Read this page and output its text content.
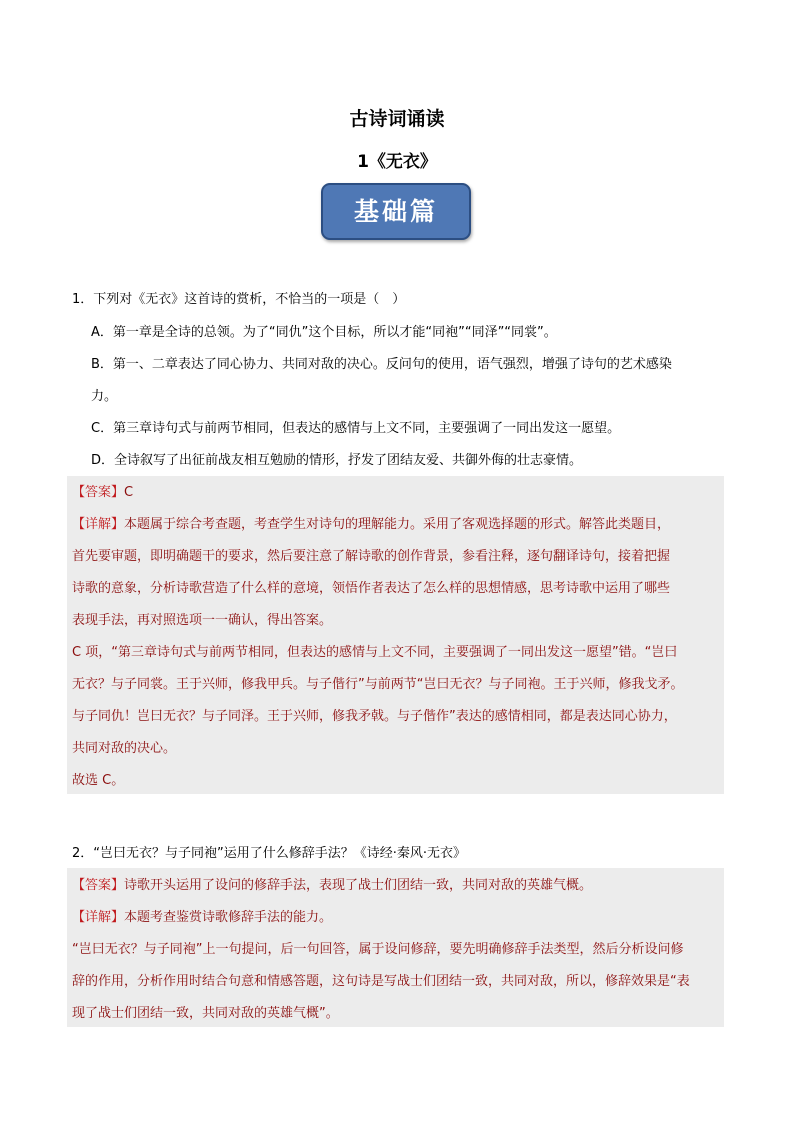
古诗词诵读
1《无衣》
基础篇
1．下列对《无衣》这首诗的赏析，不恰当的一项是（　）
A．第一章是全诗的总领。为了“同仇”这个目标，所以才能“同袍”“同泽”“同裳”。
B．第一、二章表达了同心协力、共同对敌的决心。反问句的使用，语气强烈，增强了诗句的艺术感染
力。
C．第三章诗句式与前两节相同，但表达的感情与上文不同，主要强调了一同出发这一愿望。
D．全诗叙写了出征前战友相互勉励的情形，抒发了团结友爱、共御外侮的壮志豪情。
【答案】C
【详解】本题属于综合考查题，考查学生对诗句的理解能力。采用了客观选择题的形式。解答此类题目，
首先要审题，即明确题干的要求，然后要注意了解诗歌的创作背景，参看注释，逐句翻译诗句，接着把握
诗歌的意象，分析诗歌营造了什么样的意境，领悟作者表达了怎么样的思想情感，思考诗歌中运用了哪些
表现手法，再对照选项一一确认，得出答案。
C 项，“第三章诗句式与前两节相同，但表达的感情与上文不同，主要强调了一同出发这一愿望”错。“岂曰
无衣？与子同裳。王于兴师，修我甲兵。与子偕行”与前两节“岂曰无衣？与子同袍。王于兴师，修我戈矛。
与子同仇！岂曰无衣？与子同泽。王于兴师，修我矛戟。与子偕作”表达的感情相同，都是表达同心协力，
共同对敌的决心。
故选 C。
2．“岂曰无衣？与子同袍”运用了什么修辞手法？《诗经·秦风·无衣》
【答案】诗歌开头运用了设问的修辞手法，表现了战士们团结一致，共同对敌的英雄气概。
【详解】本题考查鉴赏诗歌修辞手法的能力。
“岂曰无衣？与子同袍”上一句提问，后一句回答，属于设问修辞，要先明确修辞手法类型，然后分析设问修
辞的作用，分析作用时结合句意和情感答题，这句诗是写战士们团结一致，共同对敌，所以，修辞效果是“表
现了战士们团结一致，共同对敌的英雄气概”。
